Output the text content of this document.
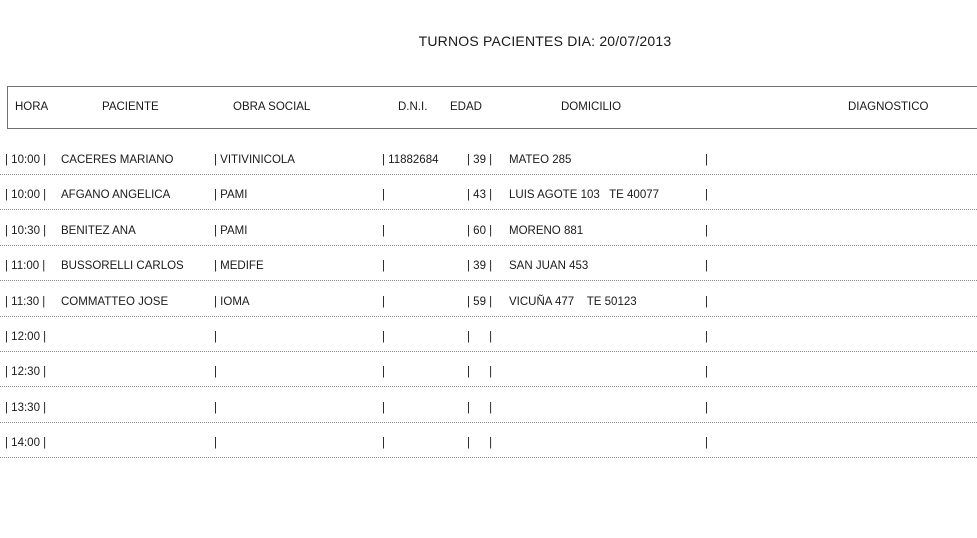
TURNOS PACIENTES DIA: 20/07/2013
HORA	PACIENTE	OBRA SOCIAL	D.N.I. EDAD	DOMICILIO	DIAGNOSTICO
| 10:00 | CACERES MARIANO	| VITIVINICOLA	| 11882684 | 39 | MATEO 285	|
| 10:00 | AFGANO ANGELICA	| PAMI	|	| 43 | LUIS AGOTE 103   TE 40077	|
| 10:30 | BENITEZ ANA	| PAMI	|	| 60 | MORENO 881	|
| 11:00 | BUSSORELLI CARLOS	| MEDIFE	|	| 39 | SAN JUAN 453	|
| 11:30 | COMMATTEO JOSE	| IOMA	|	| 59 | VICUÑA 477    TE 50123	|
| 12:00 |	|	|	|      |	|
| 12:30 |	|	|	|      |	|
| 13:30 |	|	|	|      |	|
| 14:00 |	|	|	|      |	|
